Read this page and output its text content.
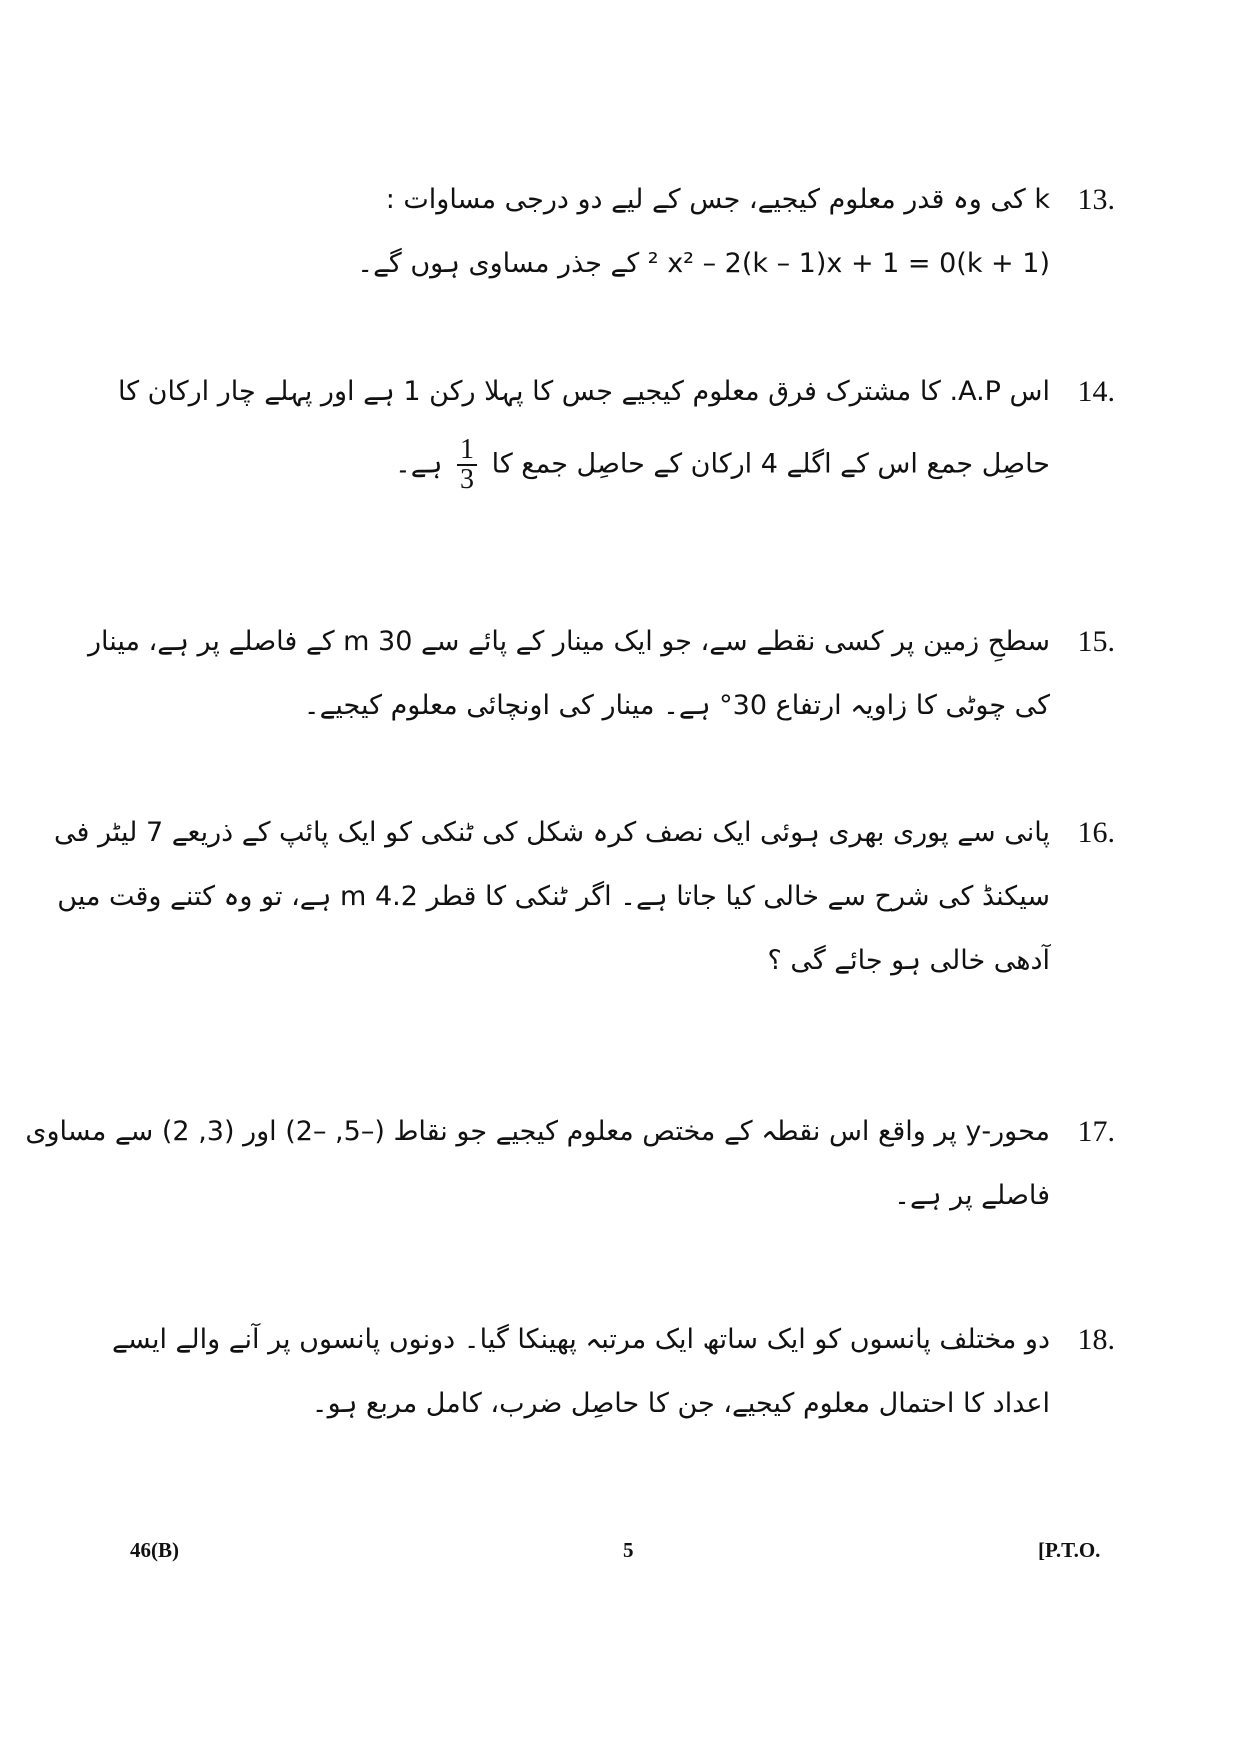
13.
k کی وہ قدر معلوم کیجیے، جس کے لیے دو درجی مساوات :
(k + 1)² x² – 2(k – 1)x + 1 = 0 کے جذر مساوی ہوں گے۔
14.
اس A.P. کا مشترک فرق معلوم کیجیے جس کا پہلا رکن 1 ہے اور پہلے چار ارکان کا
حاصِل جمع اس کے اگلے 4 ارکان کے حاصِل جمع کا
$\frac{1}{3}$
ہے۔
15.
سطحِ زمین پر کسی نقطے سے، جو ایک مینار کے پائے سے 30 m کے فاصلے پر ہے، مینار
کی چوٹی کا زاویہ ارتفاع 30° ہے۔ مینار کی اونچائی معلوم کیجیے۔
16.
پانی سے پوری بھری ہوئی ایک نصف کرہ شکل کی ٹنکی کو ایک پائپ کے ذریعے 7 لیٹر فی
سیکنڈ کی شرح سے خالی کیا جاتا ہے۔ اگر ٹنکی کا قطر 4.2 m ہے، تو وہ کتنے وقت میں
آدھی خالی ہو جائے گی ؟
17.
محور-y پر واقع اس نقطہ کے مختص معلوم کیجیے جو نقاط (–5, –2) اور (3, 2) سے مساوی
فاصلے پر ہے۔
18.
دو مختلف پانسوں کو ایک ساتھ ایک مرتبہ پھینکا گیا۔ دونوں پانسوں پر آنے والے ایسے
اعداد کا احتمال معلوم کیجیے، جن کا حاصِل ضرب، کامل مربع ہو۔
46(B)	5	[P.T.O.
